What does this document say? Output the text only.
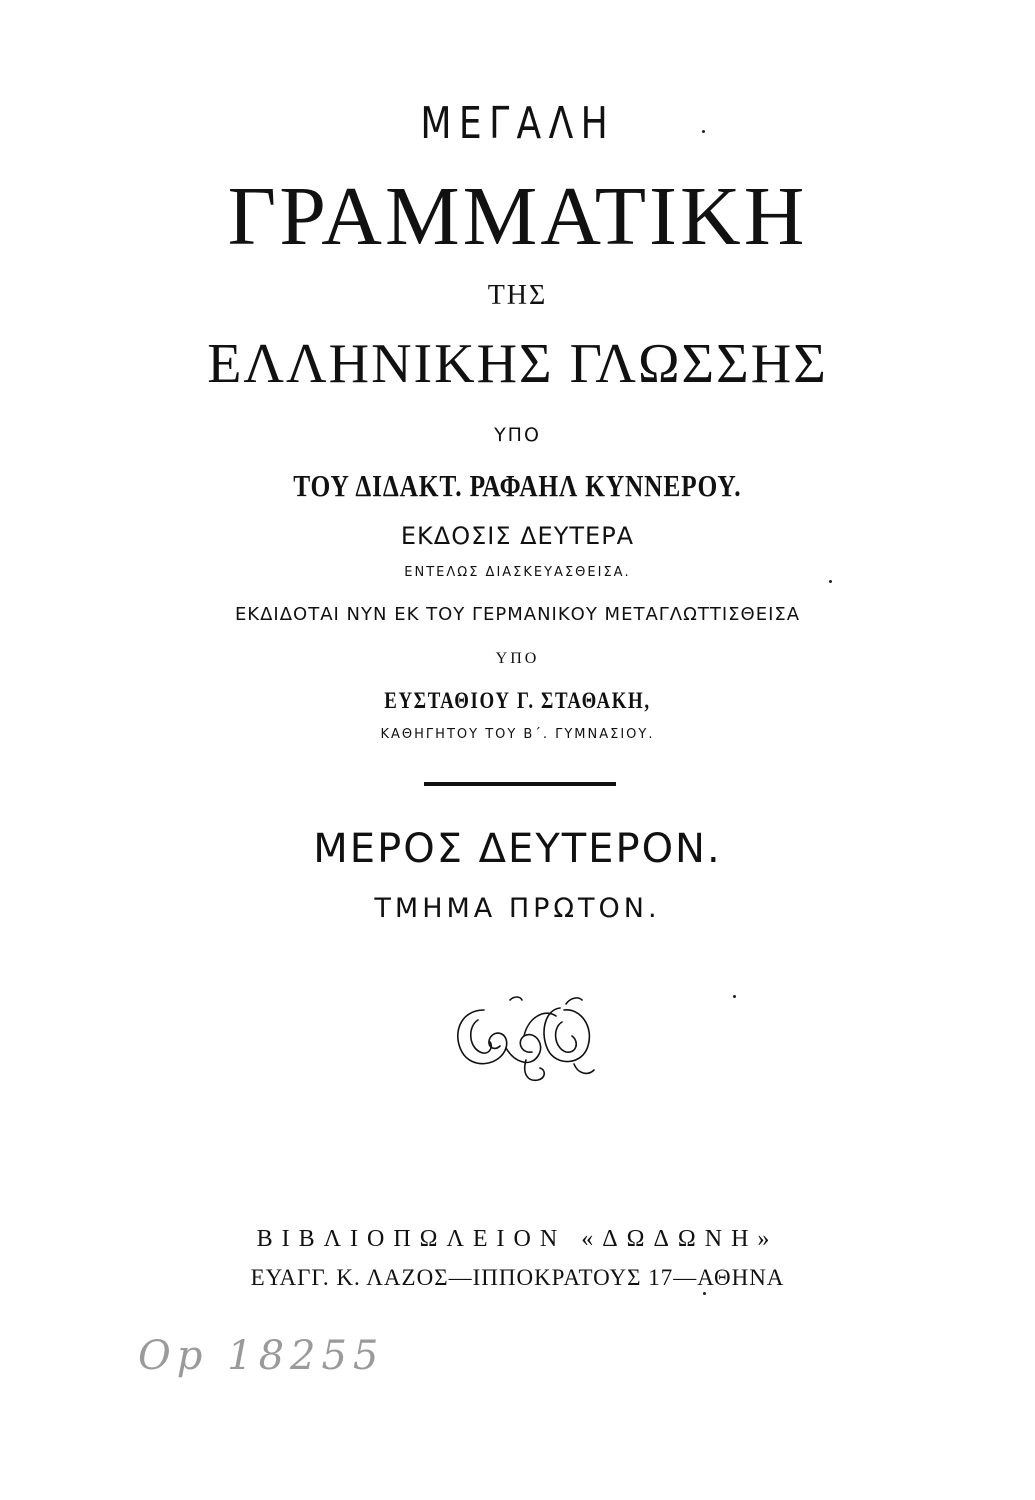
ΜΕΓΑΛΗ
ΓΡΑΜΜΑΤΙΚΗ
ΤΗΣ
ΕΛΛΗΝΙΚΗΣ ΓΛΩΣΣΗΣ
ΥΠΟ
ΤΟΥ ΔΙΔΑΚΤ. ΡΑΦΑΗΛ ΚΥΝΝΕΡΟΥ.
ΕΚΔΟΣΙΣ ΔΕΥΤΕΡΑ
ΕΝΤΕΛΩΣ ΔΙΑΣΚΕΥΑΣΘΕΙΣΑ.
ΕΚΔΙΔΟΤΑΙ ΝΥΝ ΕΚ ΤΟΥ ΓΕΡΜΑΝΙΚΟΥ ΜΕΤΑΓΛΩΤΤΙΣΘΕΙΣΑ
ΥΠΟ
ΕΥΣΤΑΘΙΟΥ Γ. ΣΤΑΘΑΚΗ,
ΚΑΘΗΓΗΤΟΥ ΤΟΥ Β΄. ΓΥΜΝΑΣΙΟΥ.
ΜΕΡΟΣ ΔΕΥΤΕΡΟΝ.
ΤΜΗΜΑ ΠΡΩΤΟΝ.
ΒΙΒΛΙΟΠΩΛΕΙΟΝ «ΔΩΔΩΝΗ»
ΕΥΑΓΓ. Κ. ΛΑΖΟΣ—ΙΠΠΟΚΡΑΤΟΥΣ 17—ΑΘΗΝΑ
Op 18255
